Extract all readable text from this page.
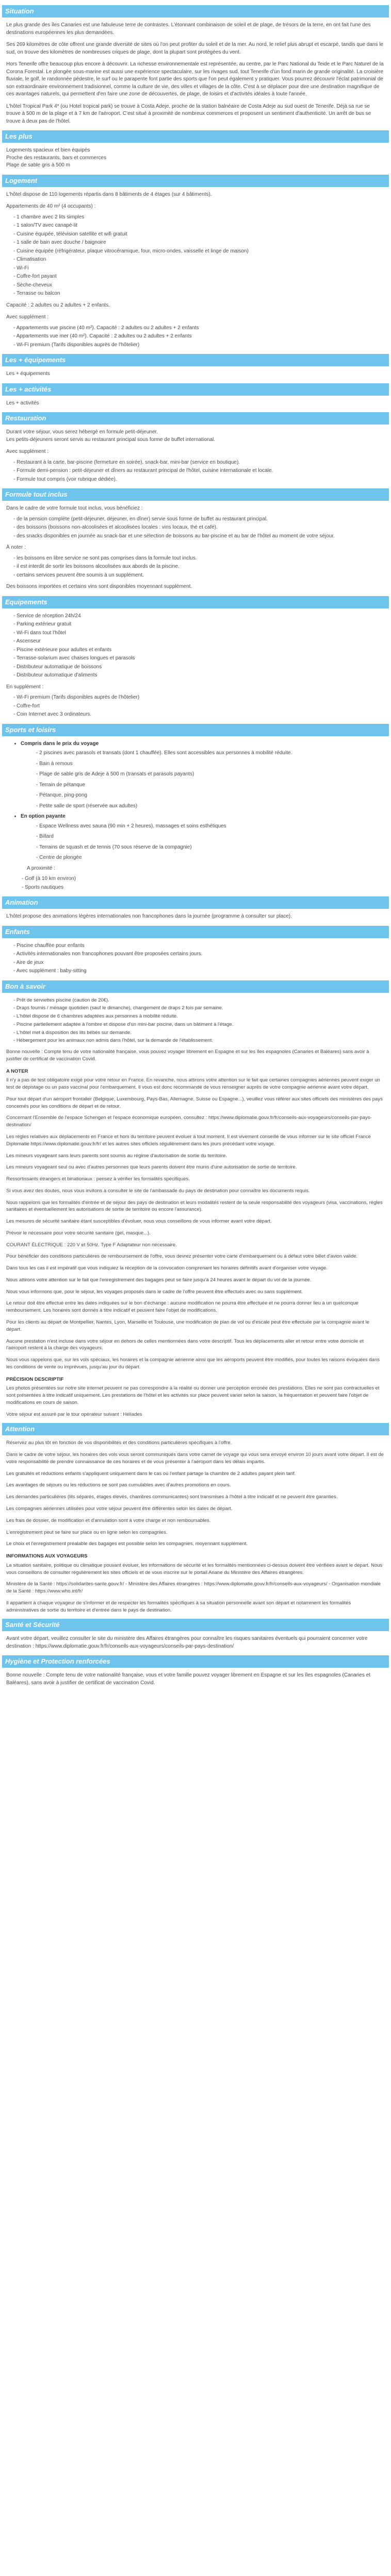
Situation

Le plus grande des îles Canaries est une fabuleuse terre de contrastes. L'étonnant combinaison de soleil et de plage, de trésors de la terre, en ont fait l'une des destinations européennes les plus demandées.

Ses 269 kilomètres de côte offrent une grande diversité de sites où l'on peut profiter du soleil et de la mer. Au nord, le relief plus abrupt et escarpé, tandis que dans le sud, on trouve des kilomètres de nombreuses criques de plage, dont la plupart sont protégées du vent.

Hors Tenerife offre beaucoup plus encore à découvrir. La richesse environnementale est représentée, au centre, par le Parc National du Teide et le Parc Naturel de la Corona Forestal. Le plongée sous-marine est aussi une expérience spectaculaire, sur les rivages sud, tout Tenerife d'un fond marin de grande originalité. La croisière fluviale, le golf, le randonnée pédestre, le surf ou le parapente font partie des sports que l'on peut également y pratiquer. Vous pourrez découvrir l'éclat patrimonial de son extraordinaire environnement tradisionnel, comme la culture de vie, des villes et villages de la côte. C'est à se déplacer pour dire une destination magnifique de ces avantages naturels, qui permettent d'en faire une zone de découvertes, de plage, de loisirs et d'activités idéales à toute l'année.

L'hôtel Tropical Park 4* (ou Hotel tropical park) se trouve à Costa Adeje, proche de la station balnéaire de Costa Adeje au sud ouest de Tenerife. Déjà sa rue se trouve à 500 m de la plage et à 7 km de l'aéroport. C'est situé à proximité de nombreux commerces et proposent un sentiment d'authenticité. Un arrêt de bus se trouve à deux pas de l'hôtel.

Les plus

Logements spacieux et bien équipés
Proche des restaurants, bars et commerces
Plage de sable gris à 500 m

Logement

L'hôtel dispose de 110 logements répartis dans 8 bâtiments de 4 étages (sur 4 bâtiments).

Appartements de 40 m² (4 occupants) :
- 1 chambre avec 2 lits simples
- 1 salon/TV avec canapé-lit
- Cuisine équipée, télévision satellite et wifi gratuit
- 1 salle de bain avec douche / baignoire
- Cuisine équipée (réfrigérateur, plaque vitrocéramique, four, micro-ondes, vaisselle et linge de maison)
- Climatisation
- Wi-Fi
- Coffre-fort payant
- Sèche-cheveux
- Terrasse ou balcon

Capacité : 2 adultes ou 2 adultes + 2 enfants.

Avec supplément :
- Appartements vue piscine (40 m²). Capacité : 2 adultes ou 2 adultes + 2 enfants
- Appartements vue mer (40 m²). Capacité : 2 adultes ou 2 adultes + 2 enfants
- Wi-Fi premium (Tarifs disponibles auprès de l'hôtelier)
Les + équipements

Les + équipements

Les + activités

Les + activités

Restauration

Durant votre séjour, vous serez hébergé en formule petit-déjeuner.
Les petits-déjeuners seront servis au restaurant principal sous forme de buffet international.

Avec supplément :
- Restaurant à la carte, bar-piscine (fermeture en soirée), snack-bar, mini-bar (service en boutique).
- Formule demi-pension : petit-déjeuner et dîners au restaurant principal de l'hôtel, cuisine internationale et locale.
- Formule tout compris (voir rubrique dédiée).
Formule tout inclus
Dans le cadre de votre formule tout inclus, vous bénéficiez :
- de la pension complète (petit-déjeuner, déjeuner, en dîner) servie sous forme de buffet au restaurant principal.
- des boissons (boissons non-alcoolisées et alcoolisées locales : vins locaux, thé et café).
- des snacks disponibles en journée au snack-bar et une sélection de boissons au bar-piscine et au bar de l'hôtel au moment de votre séjour.
À noter :
- les boissons en libre service ne sont pas comprises dans la formule tout inclus.
- il est interdit de sortir les boissons alcoolisées aux abords de la piscine.
- certains services peuvent être soumis à un supplément.

Des boissons importées et certains vins sont disponibles moyennant supplément.

Equipements
- Service de réception 24h/24
- Parking extérieur gratuit
- Wi-Fi dans tout l'hôtel
- Ascenseur
- Piscine extérieure pour adultes et enfants
- Terrasse-solarium avec chaises longues et parasols
- Distributeur automatique de boissons
- Distributeur automatique d'aliments
En supplément :
- Wi-Fi premium (Tarifs disponibles auprès de l'hôtelier)
- Coffre-fort
- Coin Internet avec 3 ordinateurs.
Sports et loisirs
• Compris dans le prix du voyage
- 2 piscines avec parasols et transats (dont 1 chauffée). Elles sont accessibles aux personnes à mobilité réduite.
- Bain à remous
- Plage de sable gris de Adeje à 500 m (transats et parasols payants)
- Terrain de pétanque
- Pétanque, ping-pong
- Petite salle de sport (réservée aux adultes)
• En option payante
- Espace Wellness avec sauna (90 min + 2 heures), massages et soins esthétiques
- Billard
- Terrains de squash et de tennis (70 sous réserve de la compagnie)
- Centre de plongée
A proximité :
- Golf (à 10 km environ)
- Sports nautiques
Animation

L'hôtel propose des animations légères internationales non francophones dans la journée (programme à consulter sur place).

Enfants
- Piscine chauffée pour enfants
- Activités internationales non francophones pouvant être proposées certains jours.
- Aire de jeux
- Avec supplément : baby-sitting
Bon à savoir
- Prêt de serviettes piscine (caution de 20€).
- Draps fournis / ménage quotidien (sauf le dimanche), changement de draps 2 fois par semaine.
- L'hôtel dispose de 6 chambres adaptées aux personnes à mobilité réduite.
- Piscine partiellement adaptée à l'ombre et dispose d'un mini-bar piscine, dans un bâtiment à l'étage.
- L'hôtel met à disposition des lits bébés sur demande.
- Hébergement pour les animaux non admis dans l'hôtel, sur la demande de l'établissement.

Bonne nouvelle : Compte tenu de votre nationalité française, vous pouvez voyager librement en Espagne et sur les îles espagnoles (Canaries et Baléares) sans avoir à justifier de certificat de vaccination Covid.

A NOTER

Il n'y a pas de test obligatoire exigé pour votre retour en France. En revanche, nous attirons votre attention sur le fait que certaines compagnies aériennes peuvent exiger un test de dépistage ou un pass vaccinal pour l'embarquement. Il vous est donc recommandé de vous renseigner auprès de votre compagnie aérienne avant votre départ.

Pour tout départ d'un aéroport frontalier (Belgique, Luxembourg, Pays-Bas, Allemagne, Suisse ou Espagne...), veuillez vous référer aux sites officiels des ministères des pays concernés pour les conditions de départ et de retour.

Concernant l'Ensemble de l'espace Schengen et l'espace économique européen, consultez : https://www.diplomatie.gouv.fr/fr/conseils-aux-voyageurs/conseils-par-pays-destination/

Les règles relatives aux déplacements en France et hors du territoire peuvent évoluer à tout moment. Il est vivement conseillé de vous informer sur le site officiel France Diplomatie https://www.diplomatie.gouv.fr/fr/ et les autres sites officiels régulièrement dans les jours précédant votre voyage.

Les mineurs voyageant sans leurs parents sont soumis au régime d'autorisation de sortie du territoire.

Les mineurs voyageant seul ou avec d'autres personnes que leurs parents doivent être munis d'une autorisation de sortie de territoire.

Ressortissants étrangers et binationaux : pensez à vérifier les formalités spécifiques.

Si vous avez des doutes, nous vous invitons à consulter le site de l'ambassade du pays de destination pour connaître les documents requis.

Nous rappelons que les formalités d'entrée et de séjour des pays de destination et leurs modalités restent de la seule responsabilité des voyageurs (visa, vaccinations, règles sanitaires et éventuellement les autorisations de sortie de territoire ou encore l'assurance).

Les mesures de sécurité sanitaire étant susceptibles d'évoluer, nous vous conseillons de vous informer avant votre départ.

Prévoir le nécessaire pour votre sécurité sanitaire (gel, masque...).

COURANT ÉLECTRIQUE : 220 V et 50Hz. Type F Adaptateur non nécessaire.

Pour bénéficier des conditions particulières de remboursement de l'offre, vous devrez présenter votre carte d'embarquement ou à défaut votre billet d'avion valide.

Dans tous les cas il est impératif que vous indiquiez la réception de la convocation comprenant les horaires définitifs avant d'organiser votre voyage.

Nous attirons votre attention sur le fait que l'enregistrement des bagages peut se faire jusqu'à 24 heures avant le départ du vol de la journée.

Nous vous informons que, pour le séjour, les voyages proposés dans le cadre de l'offre peuvent être effectués avec ou sans supplément.

Le retour doit être effectué entre les dates indiquées sur le bon d'échange : aucune modification ne pourra être effectuée et ne pourra donner lieu à un quelconque remboursement. Les horaires sont donnés à titre indicatif et peuvent faire l'objet de modifications.

Pour les clients au départ de Montpellier, Nantes, Lyon, Marseille et Toulouse, une modification de plan de vol ou d'escale peut être effectuée par la compagnie avant le départ.

Aucune prestation n'est incluse dans votre séjour en dehors de celles mentionnées dans votre descriptif. Tous les déplacements aller et retour entre votre domicile et l'aéroport restent à la charge des voyageurs.

Nous vous rappelons que, sur les vols spéciaux, les horaires et la compagnie aérienne ainsi que les aéroports peuvent être modifiés, pour toutes les raisons évoquées dans les conditions de vente ou imprévues, jusqu'au jour du départ.

PRÉCISION DESCRIPTIF

Les photos présentées sur notre site internet peuvent ne pas correspondre à la réalité ou donner une perception erronée des prestations. Elles ne sont pas contractuelles et sont présentées à titre indicatif uniquement. Les prestations de l'hôtel et les activités sur place peuvent varier selon la saison, la fréquentation et peuvent faire l'objet de modifications en cours de saison.

Votre séjour est assuré par le tour opérateur suivant : Héliades

Attention

Réservez au plus tôt en fonction de vos disponibilités et des conditions particulières spécifiques à l'offre.

Dans le cadre de votre séjour, les horaires des vols vous seront communiqués dans votre carnet de voyage qui vous sera envoyé environ 10 jours avant votre départ. Il est de votre responsabilité de prendre connaissance de ces horaires et de vous présenter à l'aéroport dans les délais impartis.

Les gratuités et réductions enfants s'appliquent uniquement dans le cas où l'enfant partage la chambre de 2 adultes payant plein tarif.

Les avantages de séjours ou les réductions ne sont pas cumulables avec d'autres promotions en cours.

Les demandes particulières (lits séparés, étages élevés, chambres communicantes) sont transmises à l'hôtel à titre indicatif et ne peuvent être garanties.

Les compagnies aériennes utilisées pour votre séjour peuvent être différentes selon les dates de départ.

Les frais de dossier, de modification et d'annulation sont à votre charge et non remboursables.

L'enregistrement peut se faire sur place ou en ligne selon les compagnies.

Le choix et l'enregistrement préalable des bagages est possible selon les compagnies, moyennant supplément.

INFORMATIONS AUX VOYAGEURS

La situation sanitaire, politique ou climatique pouvant évoluer, les informations de sécurité et les formalités mentionnées ci-dessus doivent être vérifiées avant le départ. Nous vous conseillons de consulter régulièrement les sites officiels et de vous inscrire sur le portail Ariane du Ministère des Affaires étrangères.

Ministère de la Santé : https://solidarites-sante.gouv.fr/ - Ministère des Affaires étrangères : https://www.diplomatie.gouv.fr/fr/conseils-aux-voyageurs/ - Organisation mondiale de la Santé : https://www.who.int/fr/

Il appartient à chaque voyageur de s'informer et de respecter les formalités spécifiques à sa situation personnelle avant son départ et notamment les formalités administratives de sortie du territoire et d'entrée dans le pays de destination.

Santé et Sécurité

Avant votre départ, veuillez consulter le site du ministère des Affaires étrangères pour connaître les risques sanitaires éventuels qui pourraient concerner votre destination : https://www.diplomatie.gouv.fr/fr/conseils-aux-voyageurs/conseils-par-pays-destination/

Hygiène et Protection renforcées

Bonne nouvelle : Compte tenu de votre nationalité française, vous et votre famille pouvez voyager librement en Espagne et sur les îles espagnoles (Canaries et Baléares), sans avoir à justifier de certificat de vaccination Covid.
